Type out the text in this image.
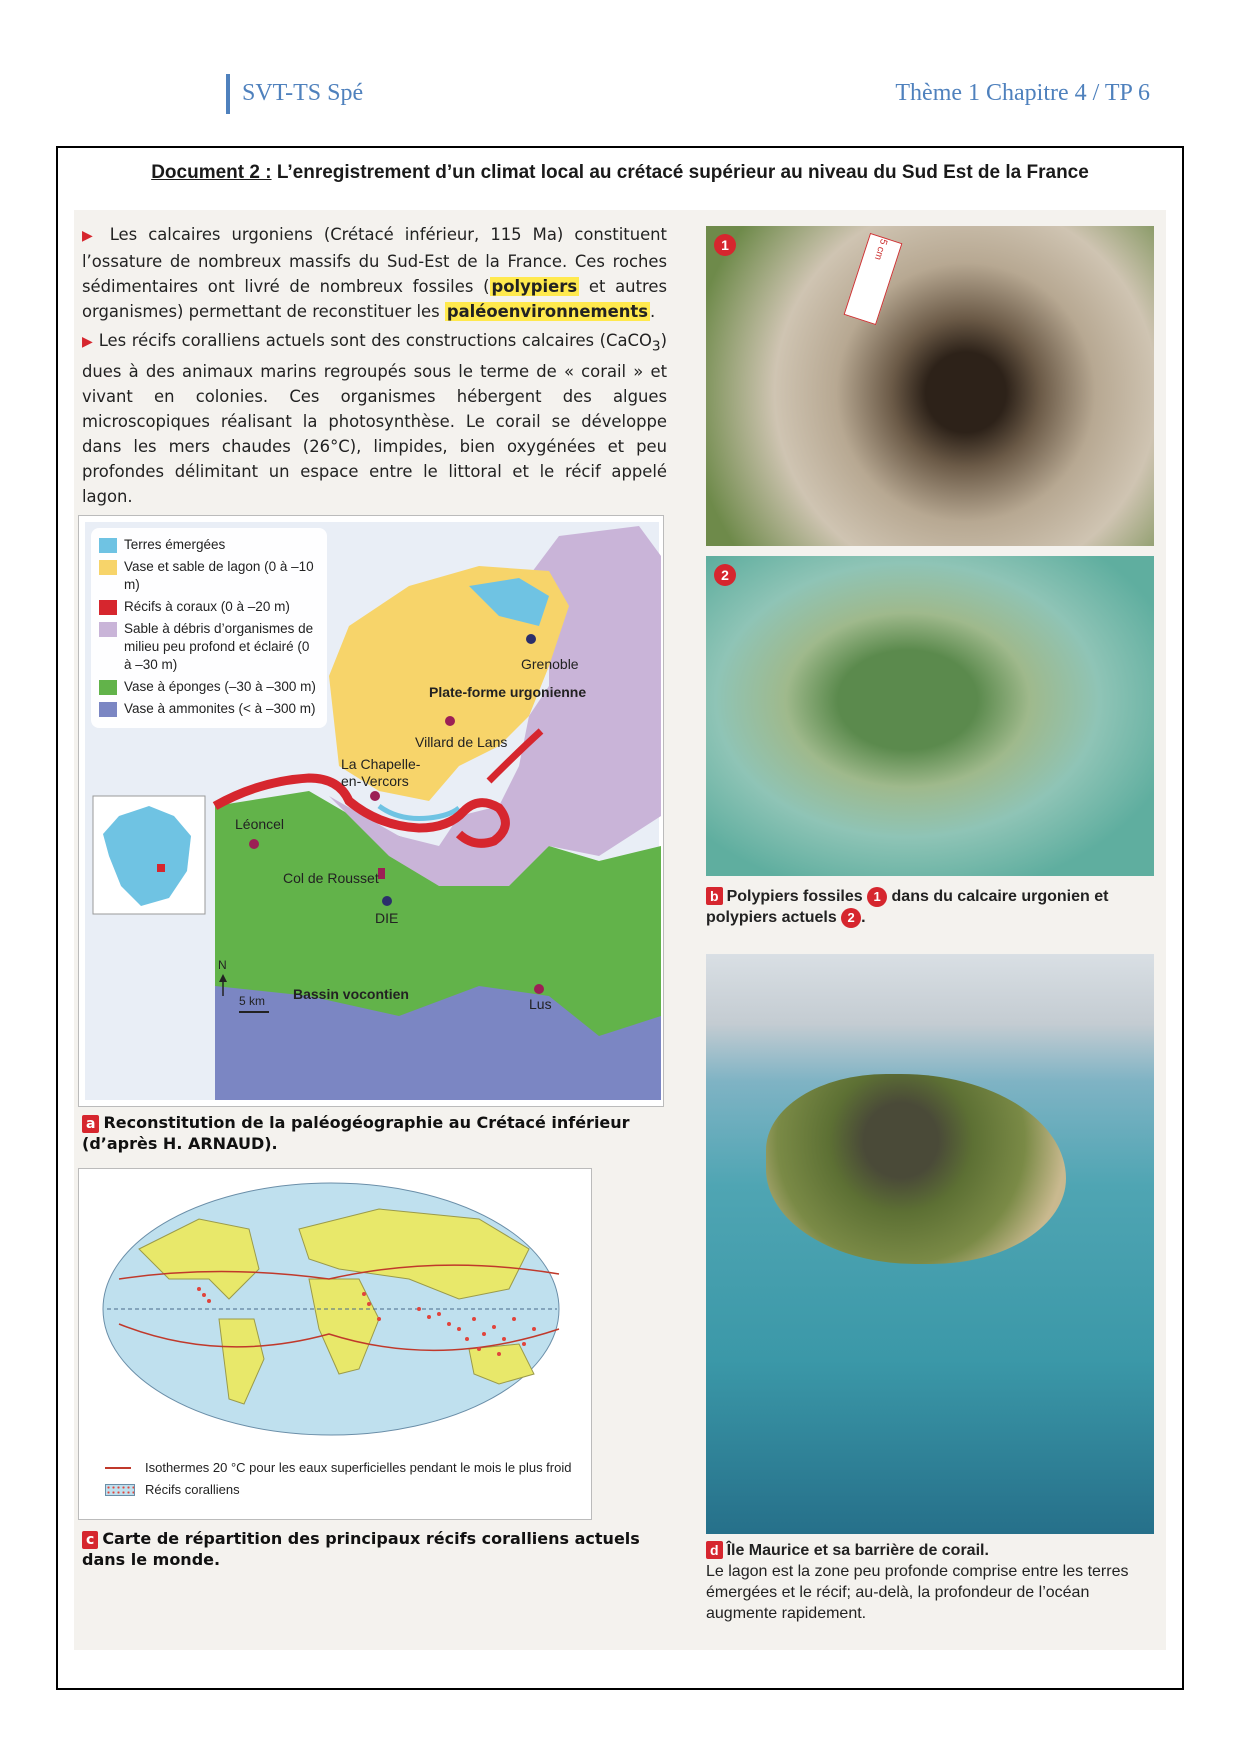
SVT-TS Spé	Thème 1 Chapitre 4 / TP 6
Document 2 : L’enregistrement d’un climat local au crétacé supérieur au niveau du Sud Est de la France

▶ Les calcaires urgoniens (Crétacé inférieur, 115 Ma) constituent l’ossature de nombreux massifs du Sud-Est de la France. Ces roches sédimentaires ont livré de nombreux fossiles ( polypiers et autres organismes) permettant de reconstituer les paléoenvironnements .

▶ Les récifs coralliens actuels sont des constructions calcaires (CaCO$_3$) dues à des animaux marins regroupés sous le terme de « corail » et vivant en colonies. Ces organismes hébergent des algues microscopiques réalisant la photosynthèse. Le corail se développe dans les mers chaudes (26°C), limpides, bien oxygénées et peu profondes délimitant un espace entre le littoral et le récif appelé lagon.

Terres émergées
Vase et sable de lagon (0 à –10 m)
Récifs à coraux (0 à –20 m)
Sable à débris d’organismes de milieu peu profond et éclairé (0 à –30 m)
Vase à éponges (–30 à –300 m)
Vase à ammonites (< à –300 m)
Grenoble
Plate-forme urgonienne
Villard de Lans
La Chapelle-
en-Vercors
Léoncel
Col de Rousset
DIE
Bassin vocontien
Lus
N
5 km
a Reconstitution de la paléogéographie au Crétacé inférieur (d’après H. ARNAUD).
Isothermes 20 °C pour les eaux superficielles pendant le mois le plus froid
Récifs coralliens
c Carte de répartition des principaux récifs coralliens actuels dans le monde.
1	5 cm
2
b Polypiers fossiles 1 dans du calcaire urgonien et polypiers actuels 2 .
d Île Maurice et sa barrière de corail.
Le lagon est la zone peu profonde comprise entre les terres émergées et le récif; au-delà, la profondeur de l’océan augmente rapidement.
